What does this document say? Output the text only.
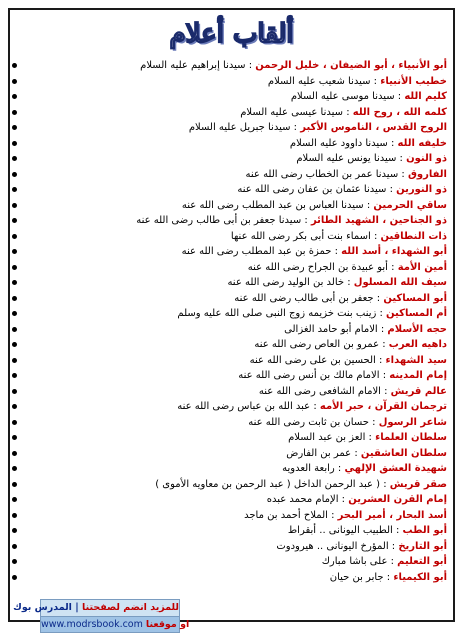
ألقاب أعلام
أبو الأنبياء ، أبو الضيفان ، خليل الرحمن : سيدنا إبراهيم عليه السلام
خطيب الأنبياء : سيدنا شعيب عليه السلام
كليم الله : سيدنا موسى عليه السلام
كلمه الله ، روح الله : سيدنا عيسى عليه السلام
الروح القدس ، الناموس الأكبر : سيدنا جبريل عليه السلام
خليفه الله : سيدنا داوود عليه السلام
ذو النون : سيدنا يونس عليه السلام
الفاروق : سيدنا عمر بن الخطاب رضى الله عنه
ذو النورين : سيدنا عثمان بن عفان رضى الله عنه
ساقي الحرمين : سيدنا العباس بن عبد المطلب رضى الله عنه
ذو الجناحين ، الشهيد الطائر : سيدنا جعفر بن أبى طالب رضى الله عنه
ذات النطاقين : اسماء بنت أبى بكر رضى الله عنها
أبو الشهداء ، أسد الله : حمزة بن عبد المطلب رضى الله عنه
أمين الأمة : أبو عبيدة بن الجراح رضى الله عنه
سيف الله المسلول : خالد بن الوليد رضى الله عنه
أبو المساكين : جعفر بن أبى طالب رضى الله عنه
أم المساكين : زينب بنت خزيمه زوج النبى صلى الله عليه وسلم
حجه الأسلام : الامام أبو حامد الغزالى
داهيه العرب : عمرو بن العاص رضى الله عنه
سيد الشهداء : الحسين بن على رضى الله عنه
إمام المدينه : الامام مالك بن أنس رضى الله عنه
عالم قريش : الامام الشافعى رضى الله عنه
ترجمان القرآن ، حبر الأمه : عبد الله بن عباس رضى الله عنه
شاعر الرسول : حسان بن ثابت رضى الله عنه
سلطان العلماء : العز بن عبد السلام
سلطان العاشقين : عمر بن الفارض
شهيدة العشق الإلهي : رابعة العدويه
صقر قريش : ( عبد الرحمن الداخل ( عبد الرحمن بن معاويه الأموى )
إمام القرن العشرين : الإمام محمد عبده
أسد البحار ، أمير البحر : الملاح أحمد بن ماجد
أبو الطب : الطبيب اليونانى .. أبقراط
أبو التاريخ : المؤرخ اليونانى .. هيرودوت
أبو التعليم : على باشا مبارك
أبو الكيمياء : جابر بن حيان
للمزيد انضم لصفحتنا | المدرس بوك
www.modrsbook.com او موقعنا
